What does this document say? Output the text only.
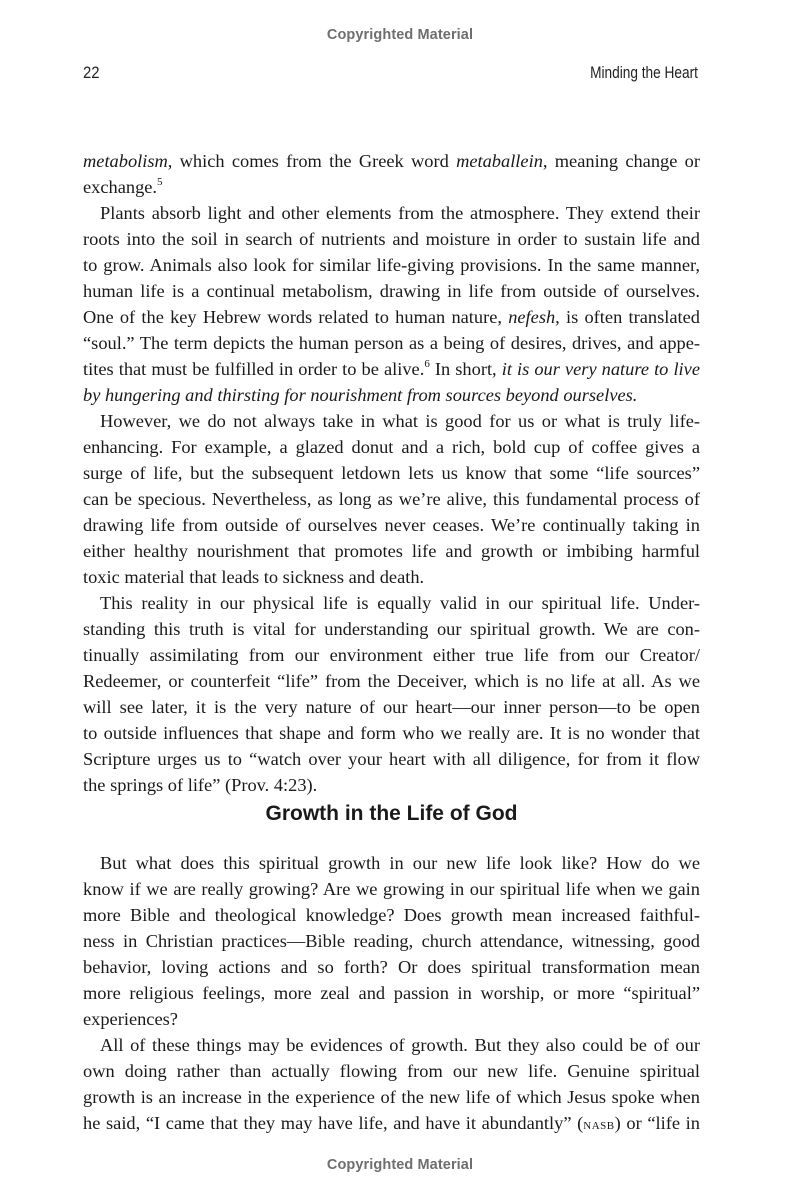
Copyrighted Material
22	Minding the Heart
metabolism, which comes from the Greek word metaballein, meaning change or
exchange.$^5$
Plants absorb light and other elements from the atmosphere. They extend their
roots into the soil in search of nutrients and moisture in order to sustain life and
to grow. Animals also look for similar life-giving provisions. In the same manner,
human life is a continual metabolism, drawing in life from outside of ourselves.
One of the key Hebrew words related to human nature, nefesh, is often translated
“soul.” The term depicts the human person as a being of desires, drives, and appe-
tites that must be fulfilled in order to be alive.$^6$ In short, it is our very nature to live
by hungering and thirsting for nourishment from sources beyond ourselves.
However, we do not always take in what is good for us or what is truly life-
enhancing. For example, a glazed donut and a rich, bold cup of coffee gives a
surge of life, but the subsequent letdown lets us know that some “life sources”
can be specious. Nevertheless, as long as we’re alive, this fundamental process of
drawing life from outside of ourselves never ceases. We’re continually taking in
either healthy nourishment that promotes life and growth or imbibing harmful
toxic material that leads to sickness and death.
This reality in our physical life is equally valid in our spiritual life. Under-
standing this truth is vital for understanding our spiritual growth. We are con-
tinually assimilating from our environment either true life from our Creator/
Redeemer, or counterfeit “life” from the Deceiver, which is no life at all. As we
will see later, it is the very nature of our heart—our inner person—to be open
to outside influences that shape and form who we really are. It is no wonder that
Scripture urges us to “watch over your heart with all diligence, for from it flow
the springs of life” (Prov. 4:23).
But what does this spiritual growth in our new life look like? How do we
know if we are really growing? Are we growing in our spiritual life when we gain
more Bible and theological knowledge? Does growth mean increased faithful-
ness in Christian practices—Bible reading, church attendance, witnessing, good
behavior, loving actions and so forth? Or does spiritual transformation mean
more religious feelings, more zeal and passion in worship, or more “spiritual”
experiences?
All of these things may be evidences of growth. But they also could be of our
own doing rather than actually flowing from our new life. Genuine spiritual
growth is an increase in the experience of the new life of which Jesus spoke when
he said, “I came that they may have life, and have it abundantly” (nasb) or “life in
Growth in the Life of God
Copyrighted Material
